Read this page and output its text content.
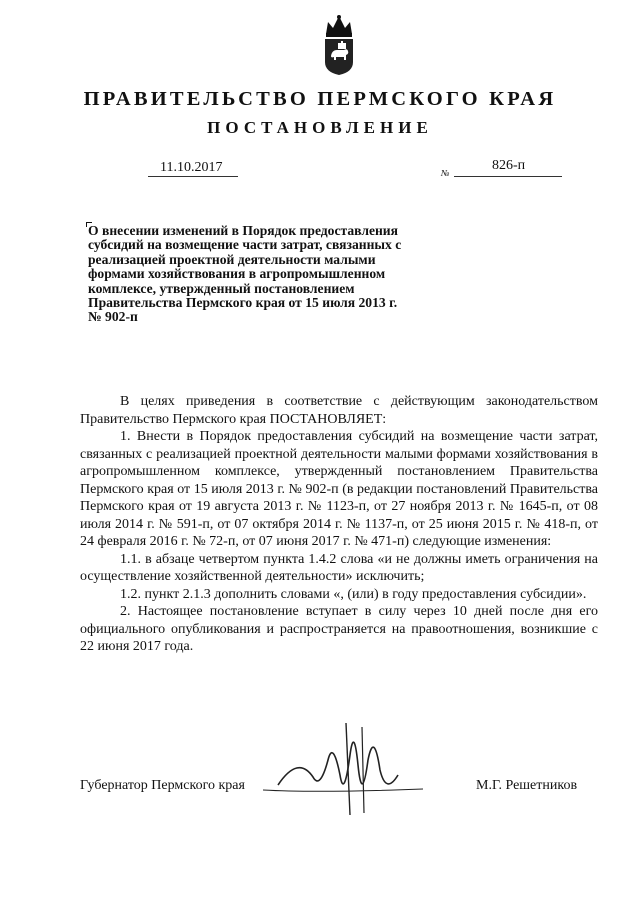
ПРАВИТЕЛЬСТВО ПЕРМСКОГО КРАЯ
ПОСТАНОВЛЕНИЕ
11.10.2017	№	826-п
О внесении изменений в Порядок предоставления субсидий на возмещение части затрат, связанных с реализацией проектной деятельности малыми формами хозяйствования в агропромышленном комплексе, утвержденный постановлением Правительства Пермского края от 15 июля 2013 г. № 902-п

В целях приведения в соответствие с действующим законодательством Правительство Пермского края ПОСТАНОВЛЯЕТ:

1. Внести в Порядок предоставления субсидий на возмещение части затрат, связанных с реализацией проектной деятельности малыми формами хозяйствования в агропромышленном комплексе, утвержденный постановлением Правительства Пермского края от 15 июля 2013 г. № 902-п (в редакции постановлений Правительства Пермского края от 19 августа 2013 г. № 1123-п, от 27 ноября 2013 г. № 1645-п, от 08 июля 2014 г. № 591-п, от 07 октября 2014 г. № 1137-п, от 25 июня 2015 г. № 418-п, от 24 февраля 2016 г. № 72-п, от 07 июня 2017 г. № 471-п) следующие изменения:

1.1. в абзаце четвертом пункта 1.4.2 слова «и не должны иметь ограничения на осуществление хозяйственной деятельности» исключить;

1.2. пункт 2.1.3 дополнить словами «, (или) в году предоставления субсидии».

2. Настоящее постановление вступает в силу через 10 дней после дня его официального опубликования и распространяется на правоотношения, возникшие с 22 июня 2017 года.

Губернатор Пермского края	М.Г. Решетников
